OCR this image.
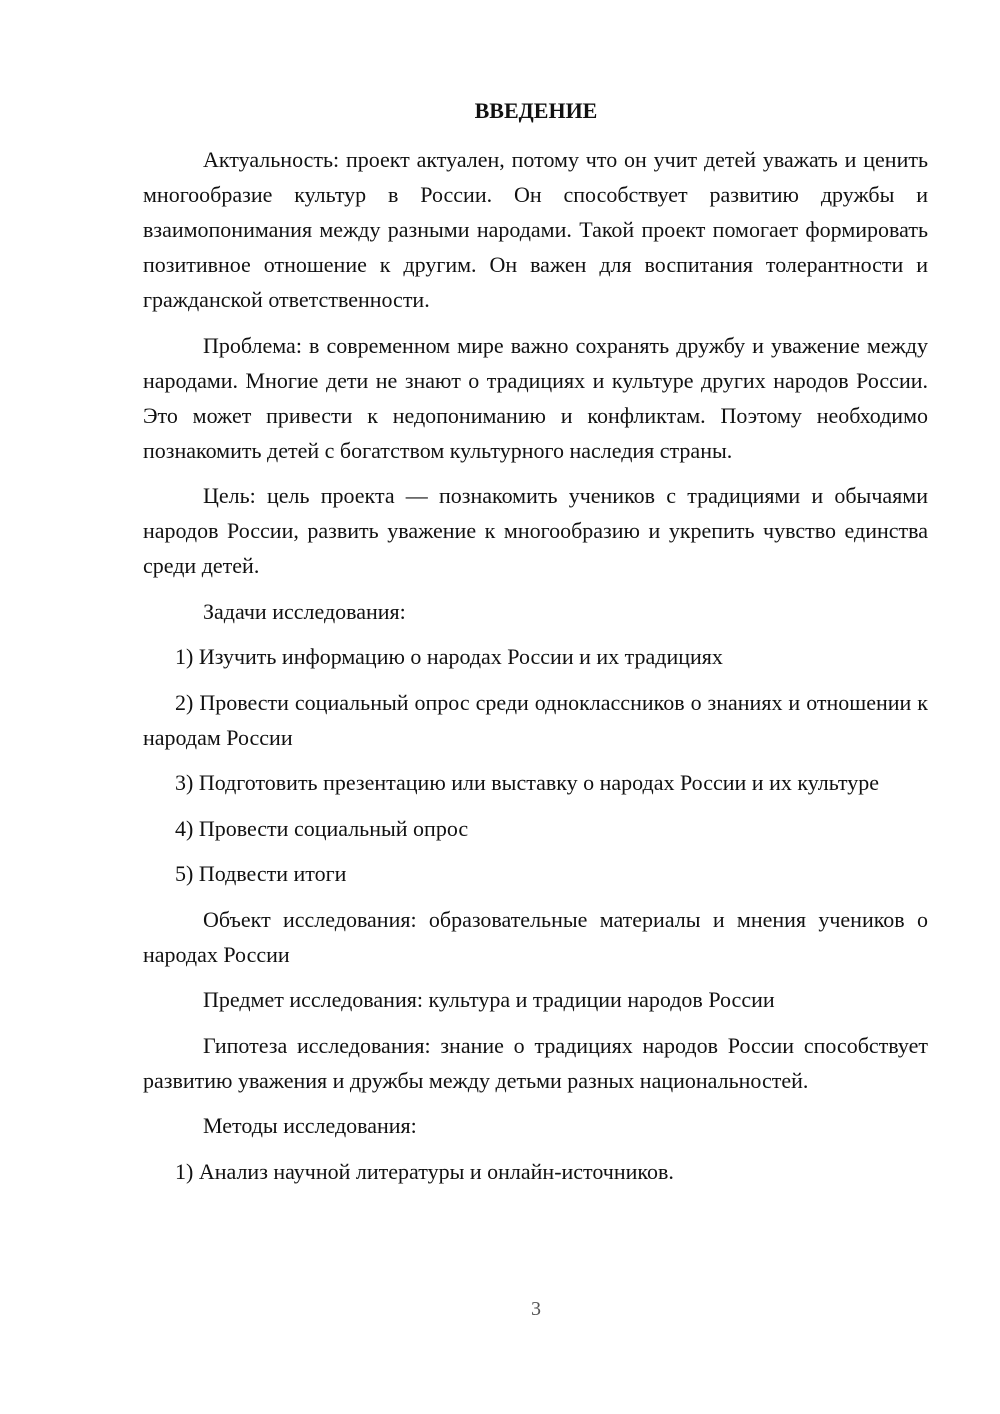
ВВЕДЕНИЕ

Актуальность: проект актуален, потому что он учит детей уважать и ценить многообразие культур в России. Он способствует развитию дружбы и взаимопонимания между разными народами. Такой проект помогает формировать позитивное отношение к другим. Он важен для воспитания толерантности и гражданской ответственности.

Проблема: в современном мире важно сохранять дружбу и уважение между народами. Многие дети не знают о традициях и культуре других народов России. Это может привести к недопониманию и конфликтам. Поэтому необходимо познакомить детей с богатством культурного наследия страны.

Цель: цель проекта — познакомить учеников с традициями и обычаями народов России, развить уважение к многообразию и укрепить чувство единства среди детей.

Задачи исследования:

1) Изучить информацию о народах России и их традициях

2) Провести социальный опрос среди одноклассников о знаниях и отношении к народам России

3) Подготовить презентацию или выставку о народах России и их культуре

4) Провести социальный опрос

5) Подвести итоги

Объект исследования: образовательные материалы и мнения учеников о народах России

Предмет исследования: культура и традиции народов России

Гипотеза исследования: знание о традициях народов России способствует развитию уважения и дружбы между детьми разных национальностей.

Методы исследования:

1) Анализ научной литературы и онлайн-источников.

3
